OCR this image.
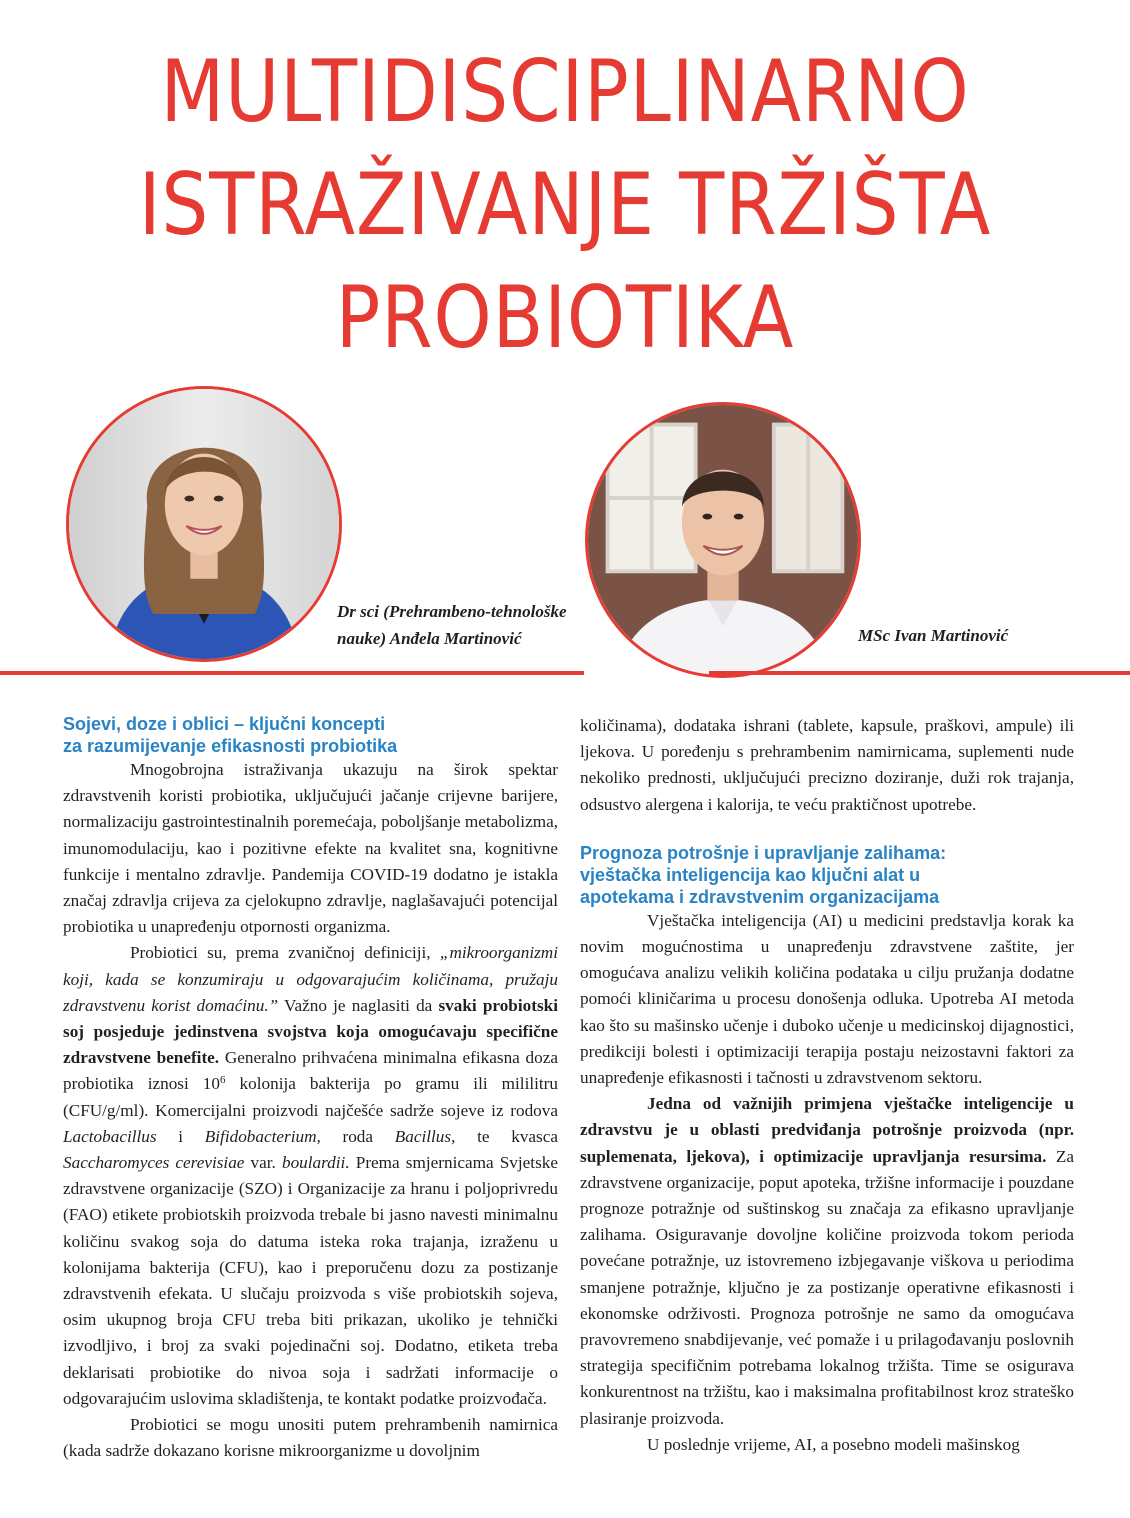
MULTIDISCIPLINARNO
ISTRAŽIVANJE TRŽIŠTA
PROBIOTIKA
Dr sci (Prehrambeno-tehnološke
nauke) Anđela Martinović	MSc Ivan Martinović
Sojevi, doze i oblici – ključni koncepti
za razumijevanje efikasnosti probiotika

Mnogobrojna istraživanja ukazuju na širok spektar zdravstvenih koristi probiotika, uključujući jačanje crijevne barijere, normalizaciju gastrointestinalnih poremećaja, poboljšanje metabolizma, imunomodulaciju, kao i pozitivne efekte na kvalitet sna, kognitivne funkcije i mentalno zdravlje. Pandemija COVID-19 dodatno je istakla značaj zdravlja crijeva za cjelokupno zdravlje, naglašavajući potencijal probiotika u unapređenju otpornosti organizma.

Probiotici su, prema zvaničnoj definiciji, „mikroorganizmi koji, kada se konzumiraju u odgovarajućim količinama, pružaju zdravstvenu korist domaćinu.” Važno je naglasiti da svaki probiotski soj posjeduje jedinstvena svojstva koja omogućavaju specifične zdravstvene benefite. Generalno prihvaćena minimalna efikasna doza probiotika iznosi $10^6$ kolonija bakterija po gramu ili mililitru (CFU/g/ml). Komercijalni proizvodi najčešće sadrže sojeve iz rodova Lactobacillus i Bifidobacterium, roda Bacillus, te kvasca Saccharomyces cerevisiae var. boulardii. Prema smjernicama Svjetske zdravstvene organizacije (SZO) i Organizacije za hranu i poljoprivredu (FAO) etikete probiotskih proizvoda trebale bi jasno navesti minimalnu količinu svakog soja do datuma isteka roka trajanja, izraženu u kolonijama bakterija (CFU), kao i preporučenu dozu za postizanje zdravstvenih efekata. U slučaju proizvoda s više probiotskih sojeva, osim ukupnog broja CFU treba biti prikazan, ukoliko je tehnički izvodljivo, i broj za svaki pojedinačni soj. Dodatno, etiketa treba deklarisati probiotike do nivoa soja i sadržati informacije o odgovarajućim uslovima skladištenja, te kontakt podatke proizvođača.

Probiotici se mogu unositi putem prehrambenih namirnica (kada sadrže dokazano korisne mikroorganizme u dovoljnim

količinama), dodataka ishrani (tablete, kapsule, praškovi, ampule) ili ljekova. U poređenju s prehrambenim namirnicama, suplementi nude nekoliko prednosti, uključujući precizno doziranje, duži rok trajanja, odsustvo alergena i kalorija, te veću praktičnost upotrebe.

Prognoza potrošnje i upravljanje zalihama:
vještačka inteligencija kao ključni alat u
apotekama i zdravstvenim organizacijama

Vještačka inteligencija (AI) u medicini predstavlja korak ka novim mogućnostima u unapređenju zdravstvene zaštite, jer omogućava analizu velikih količina podataka u cilju pružanja dodatne pomoći kliničarima u procesu donošenja odluka. Upotreba AI metoda kao što su mašinsko učenje i duboko učenje u medicinskoj dijagnostici, predikciji bolesti i optimizaciji terapija postaju neizostavni faktori za unapređenje efikasnosti i tačnosti u zdravstvenom sektoru.

Jedna od važnijih primjena vještačke inteligencije u zdravstvu je u oblasti predviđanja potrošnje proizvoda (npr. suplemenata, ljekova), i optimizacije upravljanja resursima. Za zdravstvene organizacije, poput apoteka, tržišne informacije i pouzdane prognoze potražnje od suštinskog su značaja za efikasno upravljanje zalihama. Osiguravanje dovoljne količine proizvoda tokom perioda povećane potražnje, uz istovremeno izbjegavanje viškova u periodima smanjene potražnje, ključno je za postizanje operativne efikasnosti i ekonomske održivosti. Prognoza potrošnje ne samo da omogućava pravovremeno snabdijevanje, već pomaže i u prilagođavanju poslovnih strategija specifičnim potrebama lokalnog tržišta. Time se osigurava konkurentnost na tržištu, kao i maksimalna profitabilnost kroz strateško plasiranje proizvoda.

U poslednje vrijeme, AI, a posebno modeli mašinskog
